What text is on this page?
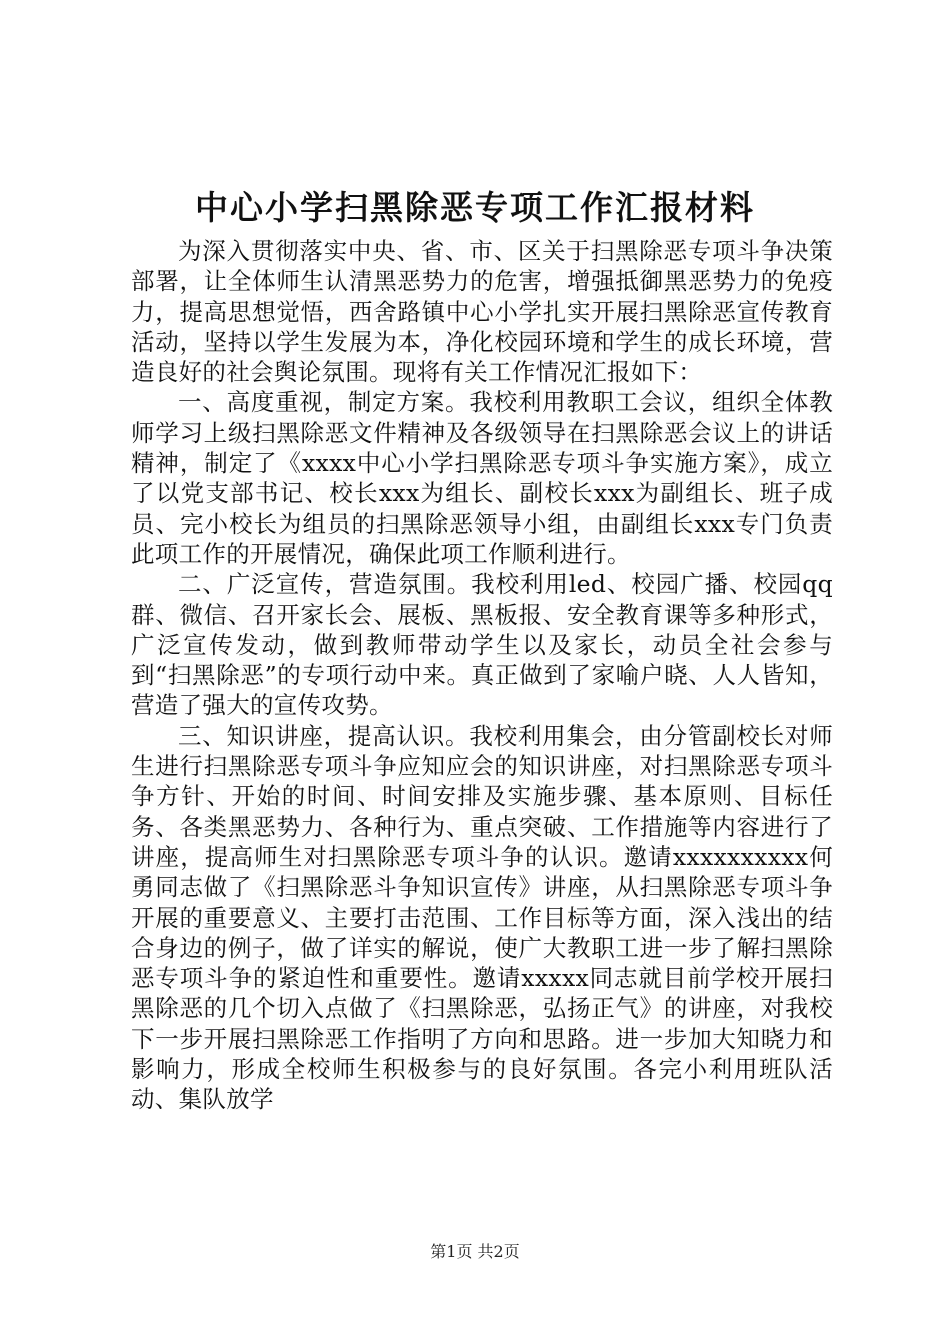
中心小学扫黑除恶专项工作汇报材料

为深入贯彻落实中央、省、市、区关于扫黑除恶专项斗争决策部署，让全体师生认清黑恶势力的危害，增强抵御黑恶势力的免疫力，提高思想觉悟，西舍路镇中心小学扎实开展扫黑除恶宣传教育活动，坚持以学生发展为本，净化校园环境和学生的成长环境，营造良好的社会舆论氛围。现将有关工作情况汇报如下：

一、高度重视，制定方案。我校利用教职工会议，组织全体教师学习上级扫黑除恶文件精神及各级领导在扫黑除恶会议上的讲话精神，制定了《xxxx中心小学扫黑除恶专项斗争实施方案》，成立了以党支部书记、校长xxx为组长、副校长xxx为副组长、班子成员、完小校长为组员的扫黑除恶领导小组，由副组长xxx专门负责此项工作的开展情况，确保此项工作顺利进行。

二、广泛宣传，营造氛围。我校利用led、校园广播、校园qq群、微信、召开家长会、展板、黑板报、安全教育课等多种形式，广泛宣传发动，做到教师带动学生以及家长，动员全社会参与到“扫黑除恶”的专项行动中来。真正做到了家喻户晓、人人皆知，营造了强大的宣传攻势。

三、知识讲座，提高认识。我校利用集会，由分管副校长对师生进行扫黑除恶专项斗争应知应会的知识讲座，对扫黑除恶专项斗争方针、开始的时间、时间安排及实施步骤、基本原则、目标任务、各类黑恶势力、各种行为、重点突破、工作措施等内容进行了讲座，提高师生对扫黑除恶专项斗争的认识。邀请xxxxxxxxxx何勇同志做了《扫黑除恶斗争知识宣传》讲座，从扫黑除恶专项斗争开展的重要意义、主要打击范围、工作目标等方面，深入浅出的结合身边的例子，做了详实的解说，使广大教职工进一步了解扫黑除恶专项斗争的紧迫性和重要性。邀请xxxxx同志就目前学校开展扫黑除恶的几个切入点做了《扫黑除恶，弘扬正气》的讲座，对我校下一步开展扫黑除恶工作指明了方向和思路。进一步加大知晓力和影响力，形成全校师生积极参与的良好氛围。各完小利用班队活动、集队放学

第1页 共2页
